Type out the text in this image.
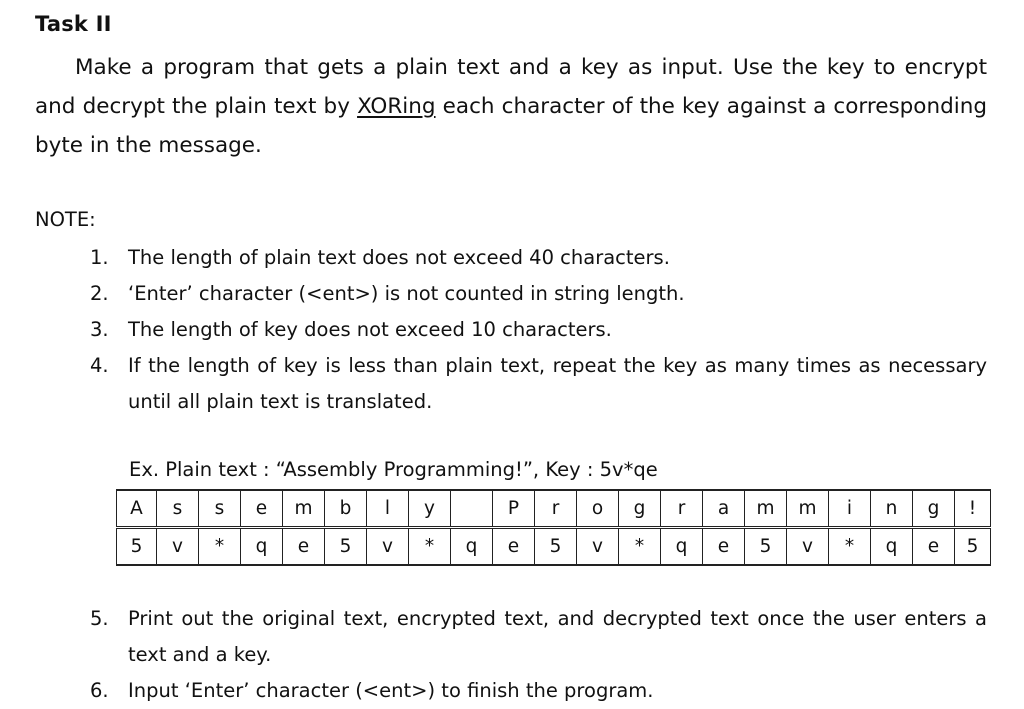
Task II

Make a program that gets a plain text and a key as input. Use the key to encrypt and decrypt the plain text by XORing each character of the key against a corresponding byte in the message.

NOTE:
1. The length of plain text does not exceed 40 characters.
2. ‘Enter’ character (<ent>) is not counted in string length.
3. The length of key does not exceed 10 characters.
4. If the length of key is less than plain text, repeat the key as many times as necessary until all plain text is translated.
Ex. Plain text : “Assembly Programming!”, Key : 5v*qe
A	s	s	e	m	b	l	y		P	r	o	g	r	a	m	m	i	n	g	!
5	v	*	q	e	5	v	*	q	e	5	v	*	q	e	5	v	*	q	e	5
5. Print out the original text, encrypted text, and decrypted text once the user enters a text and a key.
6. Input ‘Enter’ character (<ent>) to finish the program.
